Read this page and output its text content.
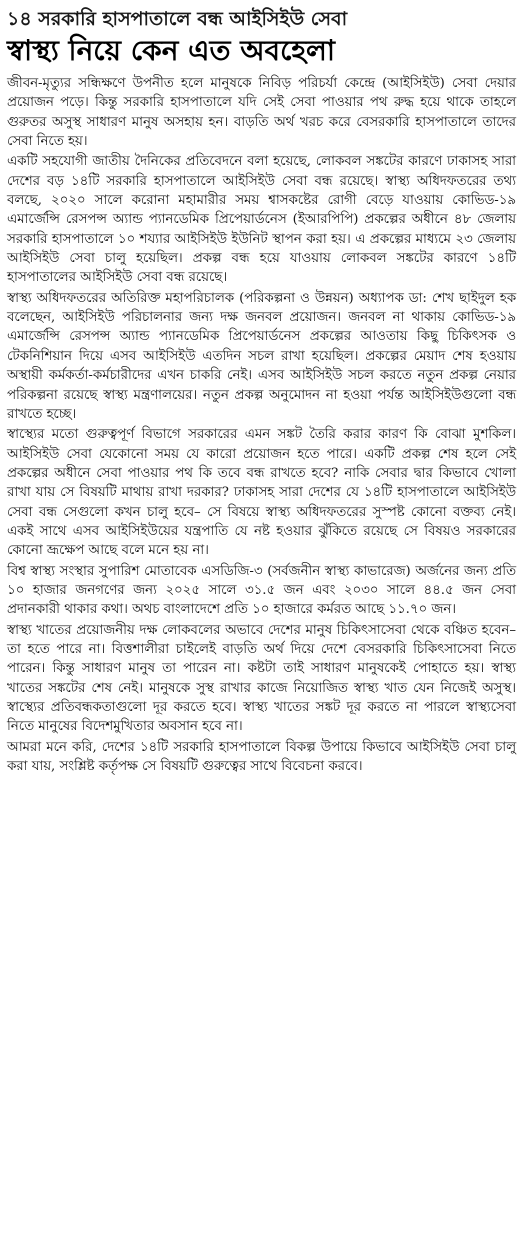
১৪ সরকারি হাসপাতালে বন্ধ আইসিইউ সেবা
স্বাস্থ্য নিয়ে কেন এত অবহেলা

জীবন-মৃত্যুর সন্ধিক্ষণে উপনীত হলে মানুষকে নিবিড় পরিচর্যা কেন্দ্রে (আইসিইউ) সেবা দেয়ার প্রয়োজন পড়ে। কিন্তু সরকারি হাসপাতালে যদি সেই সেবা পাওয়ার পথ রুদ্ধ হয়ে থাকে তাহলে গুরুতর অসুস্থ সাধারণ মানুষ অসহায় হন। বাড়তি অর্থ খরচ করে বেসরকারি হাসপাতালে তাদের সেবা নিতে হয়।

একটি সহযোগী জাতীয় দৈনিকের প্রতিবেদনে বলা হয়েছে, লোকবল সঙ্কটের কারণে ঢাকাসহ সারা দেশের বড় ১৪টি সরকারি হাসপাতালে আইসিইউ সেবা বন্ধ রয়েছে। স্বাস্থ্য অধিদফতরের তথ্য বলছে, ২০২০ সালে করোনা মহামারীর সময় শ্বাসকষ্টের রোগী বেড়ে যাওয়ায় কোভিড-১৯ এমার্জেন্সি রেসপন্স অ্যান্ড প্যানডেমিক প্রিপেয়ার্ডনেস (ইআরপিপি) প্রকল্পের অধীনে ৪৮ জেলায় সরকারি হাসপাতালে ১০ শয্যার আইসিইউ ইউনিট স্থাপন করা হয়। এ প্রকল্পের মাধ্যমে ২৩ জেলায় আইসিইউ সেবা চালু হয়েছিল। প্রকল্প বন্ধ হয়ে যাওয়ায় লোকবল সঙ্কটের কারণে ১৪টি হাসপাতালের আইসিইউ সেবা বন্ধ রয়েছে।

স্বাস্থ্য অধিদফতরের অতিরিক্ত মহাপরিচালক (পরিকল্পনা ও উন্নয়ন) অধ্যাপক ডা: শেখ ছাইদুল হক বলেছেন, আইসিইউ পরিচালনার জন্য দক্ষ জনবল প্রয়োজন। জনবল না থাকায় কোভিড-১৯ এমার্জেন্সি রেসপন্স অ্যান্ড প্যানডেমিক প্রিপেয়ার্ডনেস প্রকল্পের আওতায় কিছু চিকিৎসক ও টেকনিশিয়ান দিয়ে এসব আইসিইউ এতদিন সচল রাখা হয়েছিল। প্রকল্পের মেয়াদ শেষ হওয়ায় অস্থায়ী কর্মকর্তা-কর্মচারীদের এখন চাকরি নেই। এসব আইসিইউ সচল করতে নতুন প্রকল্প নেয়ার পরিকল্পনা রয়েছে স্বাস্থ্য মন্ত্রণালয়ের। নতুন প্রকল্প অনুমোদন না হওয়া পর্যন্ত আইসিইউগুলো বন্ধ রাখতে হচ্ছে।

স্বাস্থ্যের মতো গুরুত্বপূর্ণ বিভাগে সরকারের এমন সঙ্কট তৈরি করার কারণ কি বোঝা মুশকিল। আইসিইউ সেবা যেকোনো সময় যে কারো প্রয়োজন হতে পারে। একটি প্রকল্প শেষ হলে সেই প্রকল্পের অধীনে সেবা পাওয়ার পথ কি তবে বন্ধ রাখতে হবে? নাকি সেবার দ্বার কিভাবে খোলা রাখা যায় সে বিষয়টি মাথায় রাখা দরকার? ঢাকাসহ সারা দেশের যে ১৪টি হাসপাতালে আইসিইউ সেবা বন্ধ সেগুলো কখন চালু হবে– সে বিষয়ে স্বাস্থ্য অধিদফতরের সুস্পষ্ট কোনো বক্তব্য নেই। একই সাথে এসব আইসিইউয়ের যন্ত্রপাতি যে নষ্ট হওয়ার ঝুঁকিতে রয়েছে সে বিষয়ও সরকারের কোনো ভ্রূক্ষেপ আছে বলে মনে হয় না।

বিশ্ব স্বাস্থ্য সংস্থার সুপারিশ মোতাবেক এসডিজি-৩ (সর্বজনীন স্বাস্থ্য কাভারেজ) অর্জনের জন্য প্রতি ১০ হাজার জনগণের জন্য ২০২৫ সালে ৩১.৫ জন এবং ২০৩০ সালে ৪৪.৫ জন সেবা প্রদানকারী থাকার কথা। অথচ বাংলাদেশে প্রতি ১০ হাজারে কর্মরত আছে ১১.৭০ জন।

স্বাস্থ্য খাতের প্রয়োজনীয় দক্ষ লোকবলের অভাবে দেশের মানুষ চিকিৎসাসেবা থেকে বঞ্চিত হবেন– তা হতে পারে না। বিত্তশালীরা চাইলেই বাড়তি অর্থ দিয়ে দেশে বেসরকারি চিকিৎসাসেবা নিতে পারেন। কিন্তু সাধারণ মানুষ তা পারেন না। কষ্টটা তাই সাধারণ মানুষকেই পোহাতে হয়। স্বাস্থ্য খাতের সঙ্কটের শেষ নেই। মানুষকে সুস্থ রাখার কাজে নিয়োজিত স্বাস্থ্য খাত যেন নিজেই অসুস্থ। স্বাস্থ্যের প্রতিবন্ধকতাগুলো দূর করতে হবে। স্বাস্থ্য খাতের সঙ্কট দূর করতে না পারলে স্বাস্থ্যসেবা নিতে মানুষের বিদেশমুখিতার অবসান হবে না।

আমরা মনে করি, দেশের ১৪টি সরকারি হাসপাতালে বিকল্প উপায়ে কিভাবে আইসিইউ সেবা চালু করা যায়, সংশ্লিষ্ট কর্তৃপক্ষ সে বিষয়টি গুরুত্বের সাথে বিবেচনা করবে।
